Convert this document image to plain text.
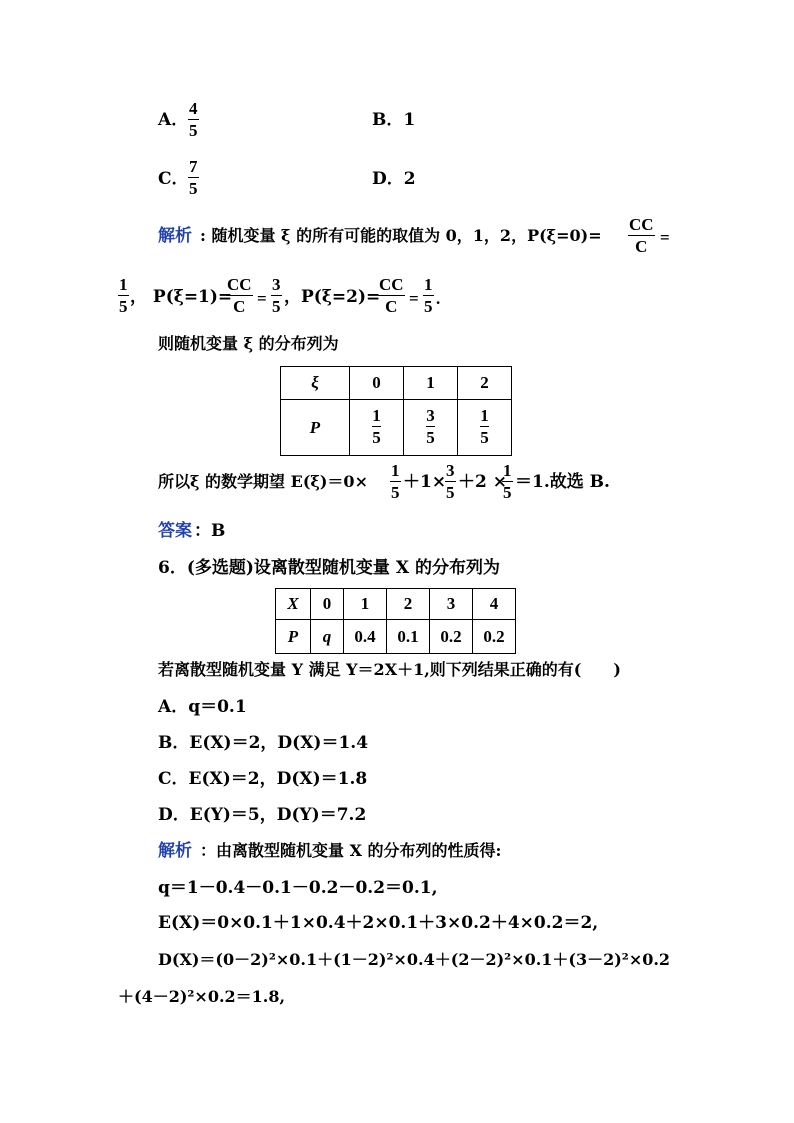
A．
4
5
B．1
C．
7
5	D．2
解析 : 随机变量 ξ 的所有可能的取值为 0，1，2，P(ξ=0)=
CC
C =
1
5 ， P(ξ=1)=
CC
C =
3
5 ，P(ξ=2)=
CC
C =
1
5 .
则随机变量 ξ 的分布列为
ξ	0	1	2
P	$\frac{1}{5}$	$\frac{3}{5}$	$\frac{1}{5}$
所以ξ 的数学期望 E(ξ)＝0×
1
5
＋1×
3
5
＋2 ×
1
5
＝1.故选 B.
答案 ：B
6．(多选题)设离散型随机变量 X 的分布列为
X	0	1	2	3	4
P	q	0.4	0.1	0.2	0.2
若离散型随机变量 Y 满足 Y＝2X＋1,则下列结果正确的有(　　)
A．q＝0.1
B．E(X)＝2，D(X)＝1.4
C．E(X)＝2，D(X)＝1.8
D．E(Y)＝5，D(Y)＝7.2
解析 ：由离散型随机变量 X 的分布列的性质得:
q＝1－0.4－0.1－0.2－0.2＝0.1,
E(X)＝0×0.1＋1×0.4＋2×0.1＋3×0.2＋4×0.2＝2,
D(X)＝(0－2)²×0.1＋(1－2)²×0.4＋(2－2)²×0.1＋(3－2)²×0.2
＋(4－2)²×0.2＝1.8,
